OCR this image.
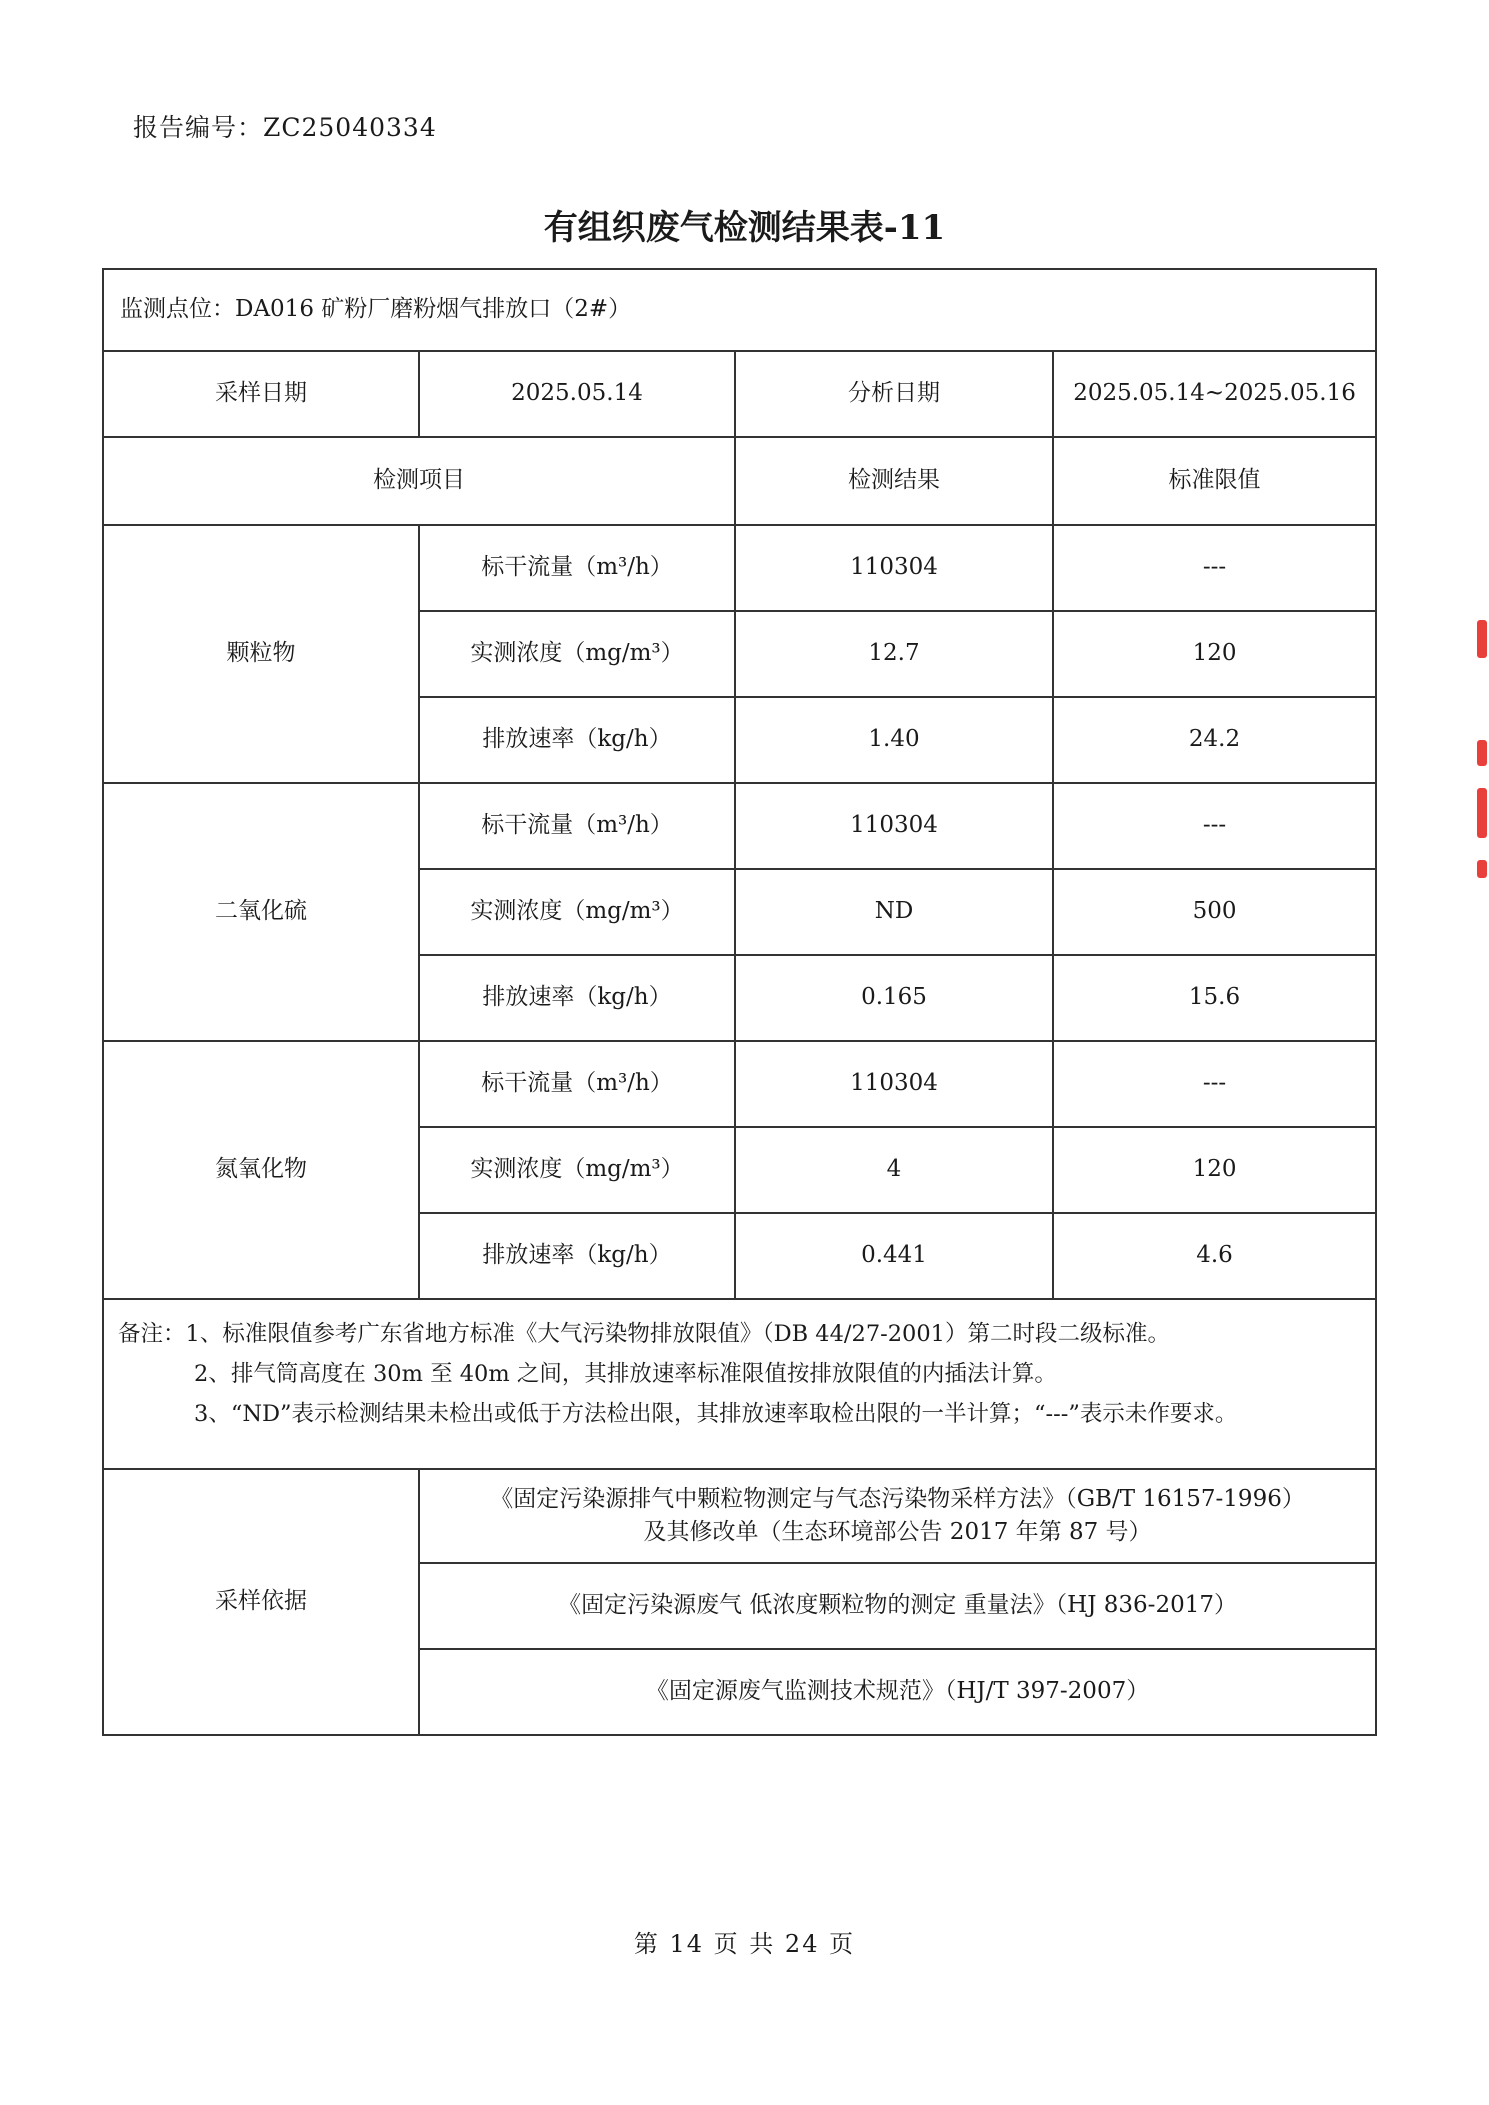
报告编号：ZC25040334
有组织废气检测结果表-11
监测点位：DA016 矿粉厂磨粉烟气排放口（2#）			
采样日期	2025.05.14	分析日期	2025.05.14~2025.05.16
检测项目		检测结果	标准限值
颗粒物	标干流量（m³/h）	110304	---
	实测浓度（mg/m³）	12.7	120
	排放速率（kg/h）	1.40	24.2
二氧化硫	标干流量（m³/h）	110304	---
	实测浓度（mg/m³）	ND	500
	排放速率（kg/h）	0.165	15.6
氮氧化物	标干流量（m³/h）	110304	---
	实测浓度（mg/m³）	4	120
	排放速率（kg/h）	0.441	4.6

备注：1、标准限值参考广东省地方标准《大气污染物排放限值》（DB 44/27-2001）第二时段二级标准。
2、排气筒高度在 30m 至 40m 之间，其排放速率标准限值按排放限值的内插法计算。
3、“ND”表示检测结果未检出或低于方法检出限，其排放速率取检出限的一半计算；“---”表示未作要求。			

采样依据	《固定污染源排气中颗粒物测定与气态污染物采样方法》（GB/T 16157-1996）
及其修改单（生态环境部公告 2017 年第 87 号）		

	《固定污染源废气 低浓度颗粒物的测定 重量法》（HJ 836-2017）		

	《固定源废气监测技术规范》（HJ/T 397-2007）		
第 14 页 共 24 页
